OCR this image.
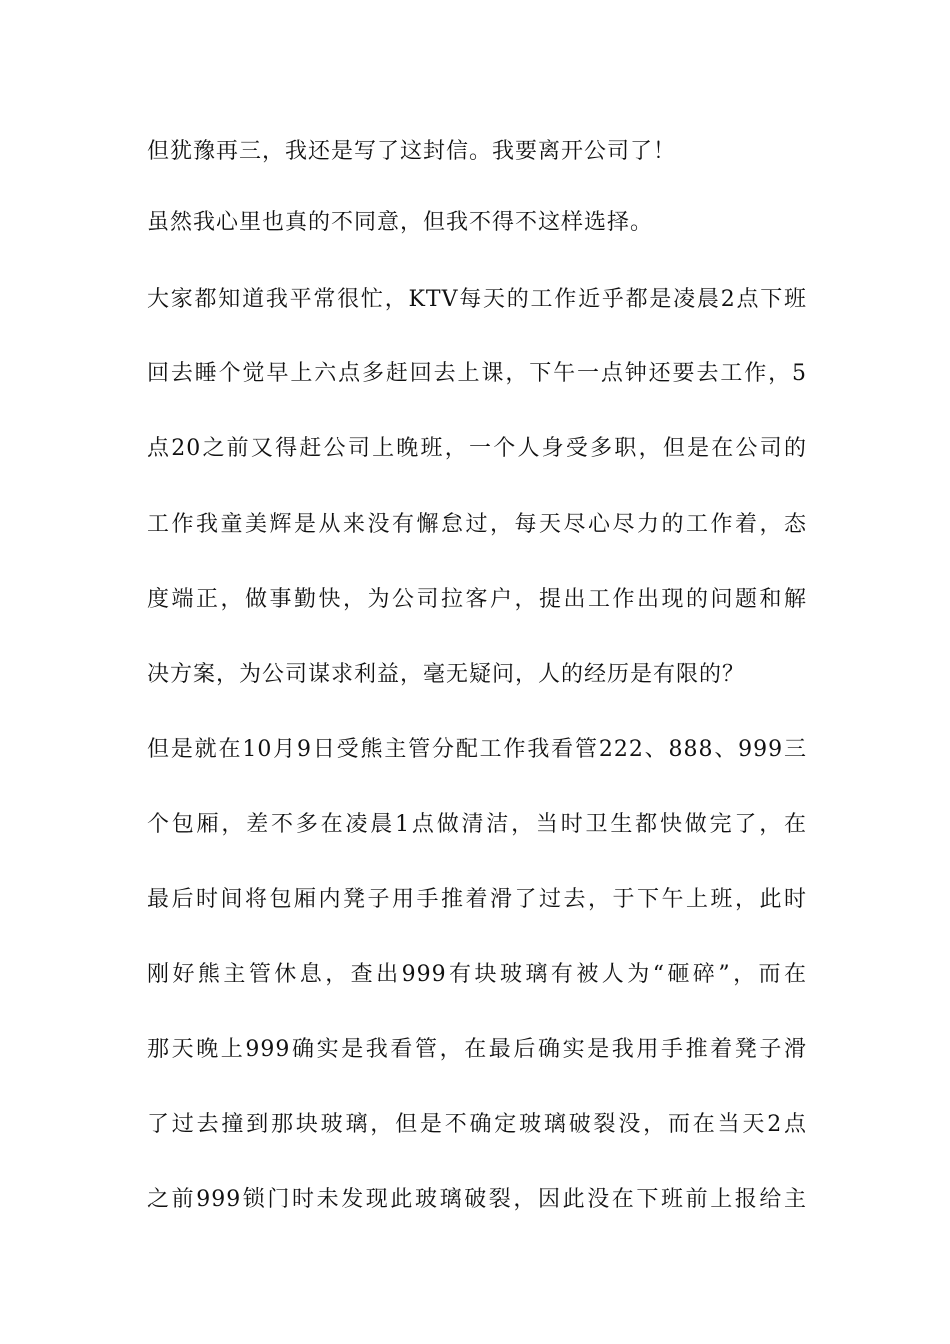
但犹豫再三，我还是写了这封信。我要离开公司了！
虽然我心里也真的不同意，但我不得不这样选择。
大家都知道我平常很忙，KTV每天的工作近乎都是凌晨2点下班
回去睡个觉早上六点多赶回去上课，下午一点钟还要去工作，5
点20之前又得赶公司上晚班，一个人身受多职，但是在公司的
工作我童美辉是从来没有懈怠过，每天尽心尽力的工作着，态
度端正，做事勤快，为公司拉客户，提出工作出现的问题和解
决方案，为公司谋求利益，毫无疑问，人的经历是有限的？
但是就在10月9日受熊主管分配工作我看管222、888、999三
个包厢，差不多在凌晨1点做清洁，当时卫生都快做完了，在
最后时间将包厢内凳子用手推着滑了过去，于下午上班，此时
刚好熊主管休息，查出999有块玻璃有被人为“砸碎”，而在
那天晚上999确实是我看管，在最后确实是我用手推着凳子滑
了过去撞到那块玻璃，但是不确定玻璃破裂没，而在当天2点
之前999锁门时未发现此玻璃破裂，因此没在下班前上报给主
